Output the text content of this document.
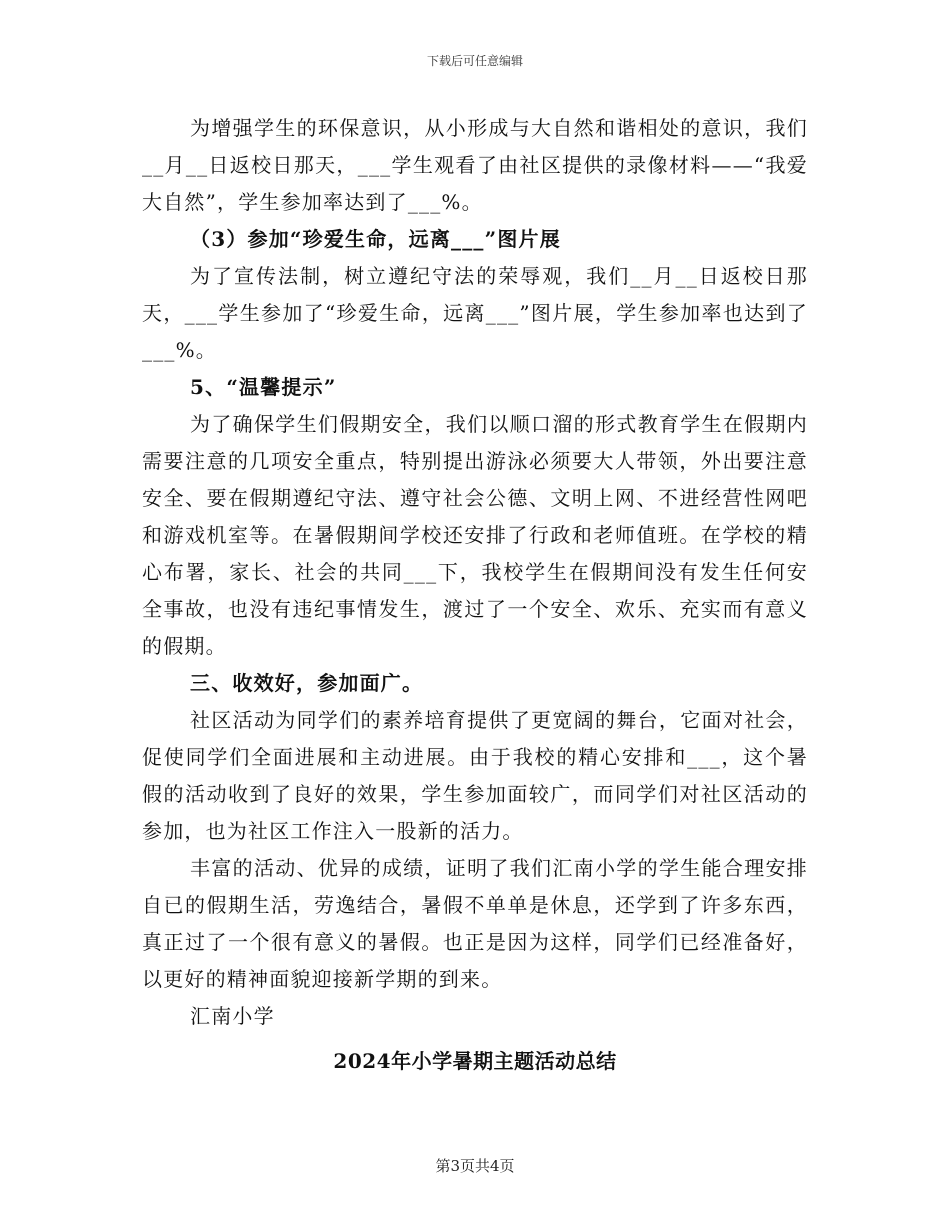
下载后可任意编辑

为增强学生的环保意识，从小形成与大自然和谐相处的意识，我们__月__日返校日那天，___学生观看了由社区提供的录像材料——“我爱大自然”，学生参加率达到了___%。

（3）参加“珍爱生命，远离___”图片展

为了宣传法制，树立遵纪守法的荣辱观，我们__月__日返校日那天，___学生参加了“珍爱生命，远离___”图片展，学生参加率也达到了___%。

5、“温馨提示”

为了确保学生们假期安全，我们以顺口溜的形式教育学生在假期内需要注意的几项安全重点，特别提出游泳必须要大人带领，外出要注意安全、要在假期遵纪守法、遵守社会公德、文明上网、不进经营性网吧和游戏机室等。在暑假期间学校还安排了行政和老师值班。在学校的精心布署，家长、社会的共同___下，我校学生在假期间没有发生任何安全事故，也没有违纪事情发生，渡过了一个安全、欢乐、充实而有意义的假期。

三、收效好，参加面广。

社区活动为同学们的素养培育提供了更宽阔的舞台，它面对社会，促使同学们全面进展和主动进展。由于我校的精心安排和___，这个暑假的活动收到了良好的效果，学生参加面较广，而同学们对社区活动的参加，也为社区工作注入一股新的活力。

丰富的活动、优异的成绩，证明了我们汇南小学的学生能合理安排自已的假期生活，劳逸结合，暑假不单单是休息，还学到了许多东西，真正过了一个很有意义的暑假。也正是因为这样，同学们已经准备好，以更好的精神面貌迎接新学期的到来。

汇南小学

2024年小学暑期主题活动总结

第3页共4页
